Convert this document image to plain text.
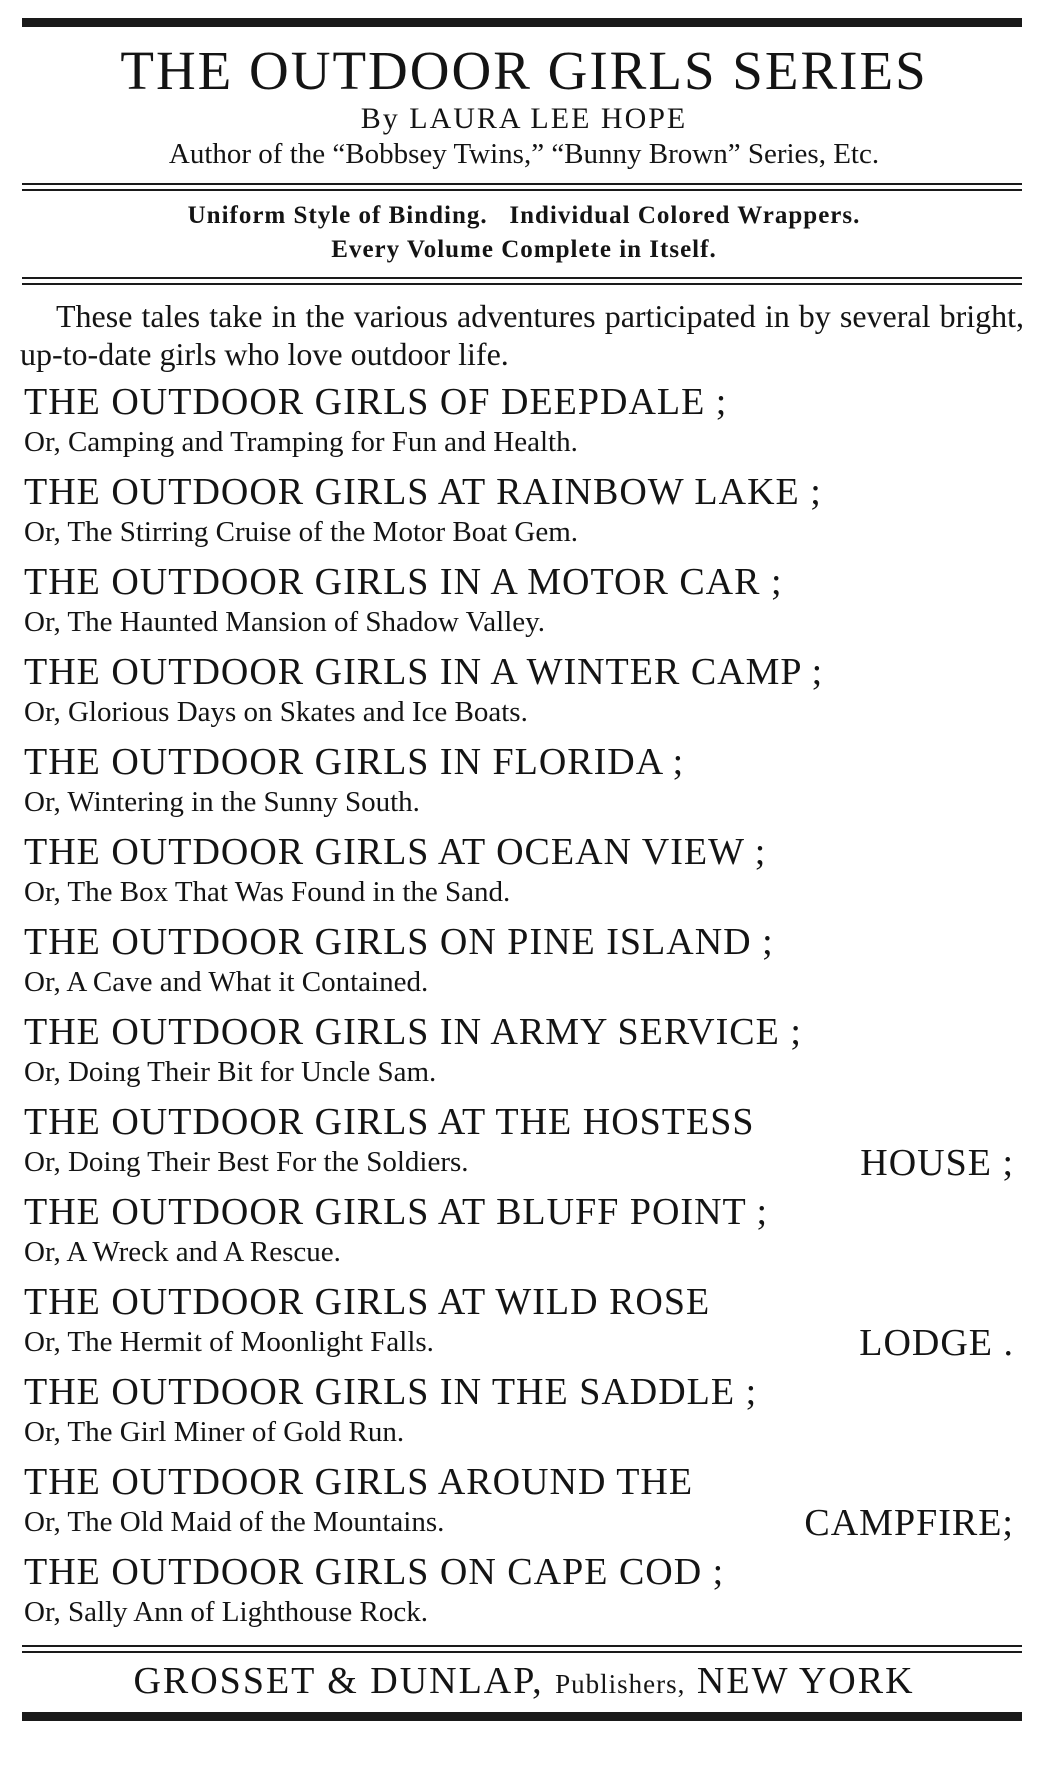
THE OUTDOOR GIRLS SERIES
By LAURA LEE HOPE
Author of the “Bobbsey Twins,” “Bunny Brown” Series, Etc.
Uniform Style of Binding.   Individual Colored Wrappers.
Every Volume Complete in Itself.
These tales take in the various adventures participated in by several bright, up-to-date girls who love outdoor life.
THE OUTDOOR GIRLS OF DEEPDALE ;
Or, Camping and Tramping for Fun and Health.
THE OUTDOOR GIRLS AT RAINBOW LAKE ;
Or, The Stirring Cruise of the Motor Boat Gem.
THE OUTDOOR GIRLS IN A MOTOR CAR ;
Or, The Haunted Mansion of Shadow Valley.
THE OUTDOOR GIRLS IN A WINTER CAMP ;
Or, Glorious Days on Skates and Ice Boats.
THE OUTDOOR GIRLS IN FLORIDA ;
Or, Wintering in the Sunny South.
THE OUTDOOR GIRLS AT OCEAN VIEW ;
Or, The Box That Was Found in the Sand.
THE OUTDOOR GIRLS ON PINE ISLAND ;
Or, A Cave and What it Contained.
THE OUTDOOR GIRLS IN ARMY SERVICE ;
Or, Doing Their Bit for Uncle Sam.
THE OUTDOOR GIRLS AT THE HOSTESS
Or, Doing Their Best For the Soldiers.	HOUSE ;
THE OUTDOOR GIRLS AT BLUFF POINT ;
Or, A Wreck and A Rescue.
THE OUTDOOR GIRLS AT WILD ROSE
Or, The Hermit of Moonlight Falls.	LODGE .
THE OUTDOOR GIRLS IN THE SADDLE ;
Or, The Girl Miner of Gold Run.
THE OUTDOOR GIRLS AROUND THE
Or, The Old Maid of the Mountains.	CAMPFIRE;
THE OUTDOOR GIRLS ON CAPE COD ;
Or, Sally Ann of Lighthouse Rock.
GROSSET & DUNLAP, Publishers, NEW YORK
